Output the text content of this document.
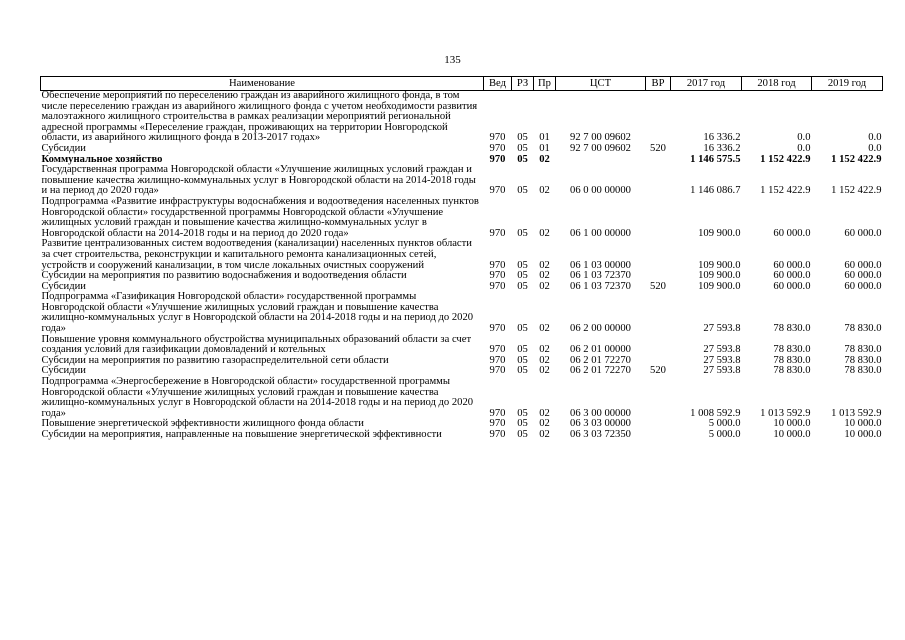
135
Наименование	Вед	РЗ	Пр	ЦСТ	ВР	2017 год	2018 год	2019 год
Обеспечение мероприятий по переселению граждан из аварийного жилищного фонда, в том числе переселению граждан из аварийного жилищного фонда с учетом необходимости развития малоэтажного жилищного строительства в рамках реализации мероприятий региональной адресной программы «Переселение граждан, проживающих на территории Новгородской области, из аварийного жилищного фонда в 2013-2017 годах»	970	05	01	92 7 00 09602		16 336.2	0.0	0.0
Субсидии	970	05	01	92 7 00 09602	520	16 336.2	0.0	0.0
Коммунальное хозяйство	970	05	02			1 146 575.5	1 152 422.9	1 152 422.9
Государственная программа Новгородской области «Улучшение жилищных условий граждан и повышение качества жилищно-коммунальных услуг в Новгородской области на 2014-2018 годы и на период до 2020 года»	970	05	02	06 0 00 00000		1 146 086.7	1 152 422.9	1 152 422.9
Подпрограмма «Развитие инфраструктуры водоснабжения и водоотведения населенных пунктов Новгородской области» государственной программы Новгородской области «Улучшение жилищных условий граждан и повышение качества жилищно-коммунальных услуг в Новгородской области на 2014-2018 годы и на период до 2020 года»	970	05	02	06 1 00 00000		109 900.0	60 000.0	60 000.0
Развитие централизованных систем водоотведения (канализации) населенных пунктов области за счет строительства, реконструкции и капитального ремонта канализационных сетей, устройств и сооружений канализации, в том числе локальных очистных сооружений	970	05	02	06 1 03 00000		109 900.0	60 000.0	60 000.0
Субсидии на мероприятия по развитию водоснабжения и водоотведения области	970	05	02	06 1 03 72370		109 900.0	60 000.0	60 000.0
Субсидии	970	05	02	06 1 03 72370	520	109 900.0	60 000.0	60 000.0
Подпрограмма «Газификация Новгородской области» государственной программы Новгородской области «Улучшение жилищных условий граждан и повышение качества жилищно-коммунальных услуг в Новгородской области на 2014-2018 годы и на период до 2020 года»	970	05	02	06 2 00 00000		27 593.8	78 830.0	78 830.0
Повышение уровня коммунального обустройства муниципальных образований области за счет создания условий для газификации домовладений и котельных	970	05	02	06 2 01 00000		27 593.8	78 830.0	78 830.0
Субсидии на мероприятия по развитию газораспределительной сети области	970	05	02	06 2 01 72270		27 593.8	78 830.0	78 830.0
Субсидии	970	05	02	06 2 01 72270	520	27 593.8	78 830.0	78 830.0
Подпрограмма «Энергосбережение в Новгородской области» государственной программы Новгородской области «Улучшение жилищных условий граждан и повышение качества жилищно-коммунальных услуг в Новгородской области на 2014-2018 годы и на период до 2020 года»	970	05	02	06 3 00 00000		1 008 592.9	1 013 592.9	1 013 592.9
Повышение энергетической эффективности жилищного фонда области	970	05	02	06 3 03 00000		5 000.0	10 000.0	10 000.0
Субсидии на мероприятия, направленные на повышение энергетической эффективности	970	05	02	06 3 03 72350		5 000.0	10 000.0	10 000.0
